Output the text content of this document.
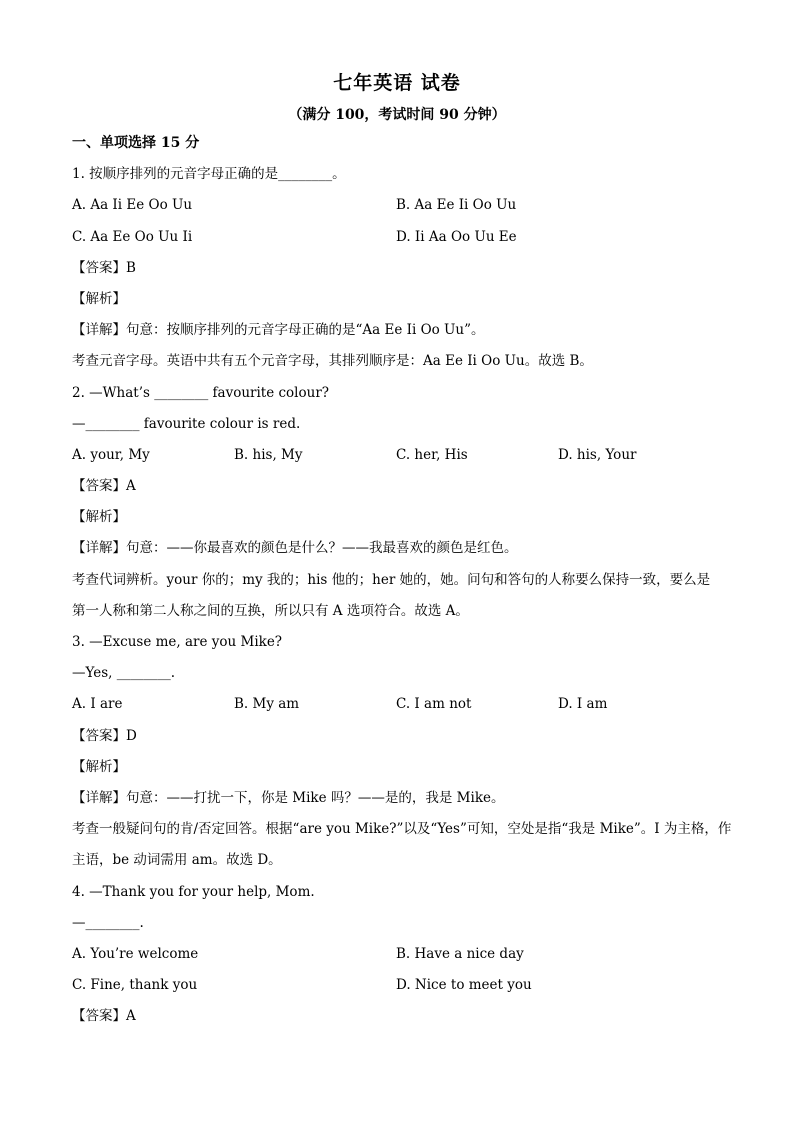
七年英语 试卷
（满分 100，考试时间 90 分钟）
一、单项选择 15 分
1. 按顺序排列的元音字母正确的是________。
A. Aa Ii Ee Oo Uu	B. Aa Ee Ii Oo Uu
C. Aa Ee Oo Uu Ii	D. Ii Aa Oo Uu Ee
【答案】B
【解析】
【详解】句意：按顺序排列的元音字母正确的是“Aa Ee Ii Oo Uu”。
考查元音字母。英语中共有五个元音字母，其排列顺序是：Aa Ee Ii Oo Uu。故选 B。
2. —What’s ________ favourite colour?
—________ favourite colour is red.
A. your, My	B. his, My	C. her, His	D. his, Your
【答案】A
【解析】
【详解】句意：——你最喜欢的颜色是什么？——我最喜欢的颜色是红色。
考查代词辨析。your 你的；my 我的；his 他的；her 她的，她。问句和答句的人称要么保持一致，要么是
第一人称和第二人称之间的互换，所以只有 A 选项符合。故选 A。
3. —Excuse me, are you Mike?
—Yes, ________.
A. I are	B. My am	C. I am not	D. I am
【答案】D
【解析】
【详解】句意：——打扰一下，你是 Mike 吗？——是的，我是 Mike。
考查一般疑问句的肯/否定回答。根据“are you Mike?”以及“Yes”可知，空处是指“我是 Mike”。I 为主格，作
主语，be 动词需用 am。故选 D。
4. —Thank you for your help, Mom.
—________.
A. You’re welcome	B. Have a nice day
C. Fine, thank you	D. Nice to meet you
【答案】A
